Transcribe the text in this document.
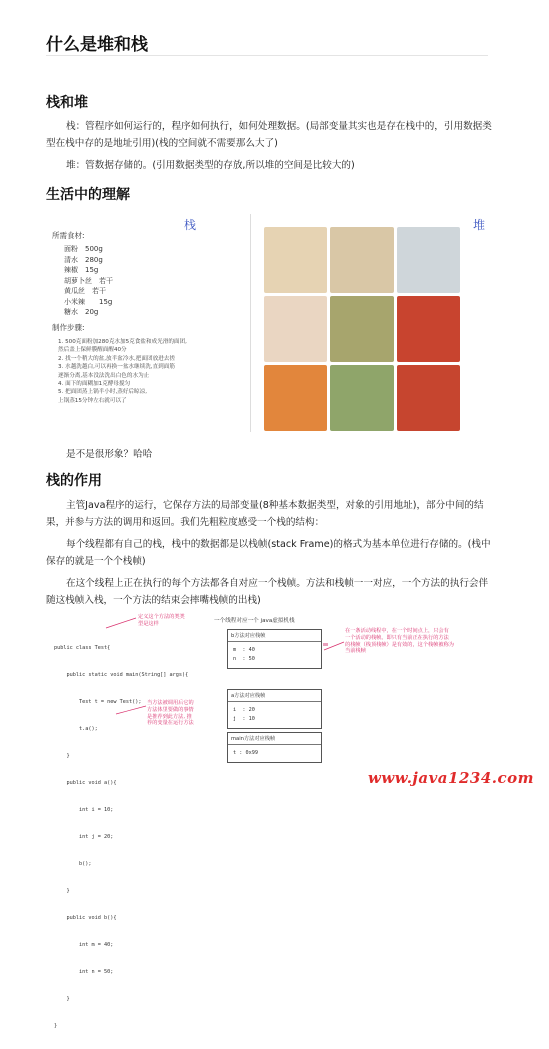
什么是堆和栈
栈和堆

栈：管程序如何运行的，程序如何执行，如何处理数据。(局部变量其实也是存在栈中的，引用数据类型在栈中存的是地址引用)(栈的空间就不需要那么大了)

堆：管数据存储的。(引用数据类型的存放,所以堆的空间是比较大的)

生活中的理解
所需食材:
面粉　500g
清水　280g
辣椒　15g
胡萝卜丝　若干
黄瓜丝　若干
小米辣　　15g
糖水　20g
制作步骤:
1. 500克面粉加280克水加5克食盐和成光滑的面团,
然后盖上保鲜膜醒面醒40分
2. 找一个稍大的盆,放半盆冷水,把面团放进去搓
3. 水越洗越白,可以再换一盆水继续洗,直到面筋
逐渐分离,基本没法洗出白色的水为止
4. 面下的面糊加1克酵母搅匀
5. 把面团蒸上锅半小时,蒸好后晾凉,
上锅蒸15分钟左右就可以了
栈	堆

是不是很形象？哈哈

栈的作用

主管Java程序的运行，它保存方法的局部变量(8种基本数据类型，对象的引用地址)，部分中间的结果，并参与方法的调用和返回。我们先粗粒度感受一个栈的结构：

每个线程都有自己的栈，栈中的数据都是以栈帧(stack Frame)的格式为基本单位进行存储的。(栈中保存的就是一个个栈帧)

在这个线程上正在执行的每个方法都各自对应一个栈帧。方法和栈帧一一对应，一个方法的执行会伴随这栈帧入栈，一个方法的结束会摔嘴栈帧的出栈)

public class Test{

public static void main(String[] args){

Test t = new Test();

t.a();

}

public void a(){

int i = 10;

int j = 20;

b();

}

public void b(){

int m = 40;

int n = 50;

}

}

定义这个方法的类类
型是这样
当方法被调用后它的
方法体里要做的事情
是推荐到此方法, 推
荐的变量在运行方法
一个线程对应一个 java虚拟机栈
b方法对应栈帧
m  : 40
n  : 50
a方法对应栈帧
i  : 20
j  : 10
main方法对应栈帧
t : 0x99
在一条活动线程中，在一个时间点上，只会有
一个活动的栈帧。即只有当前正在执行的方法
的栈帧（栈顶栈帧）是有效的，这个栈帧被称为
当前栈帧
www.java1234.com
